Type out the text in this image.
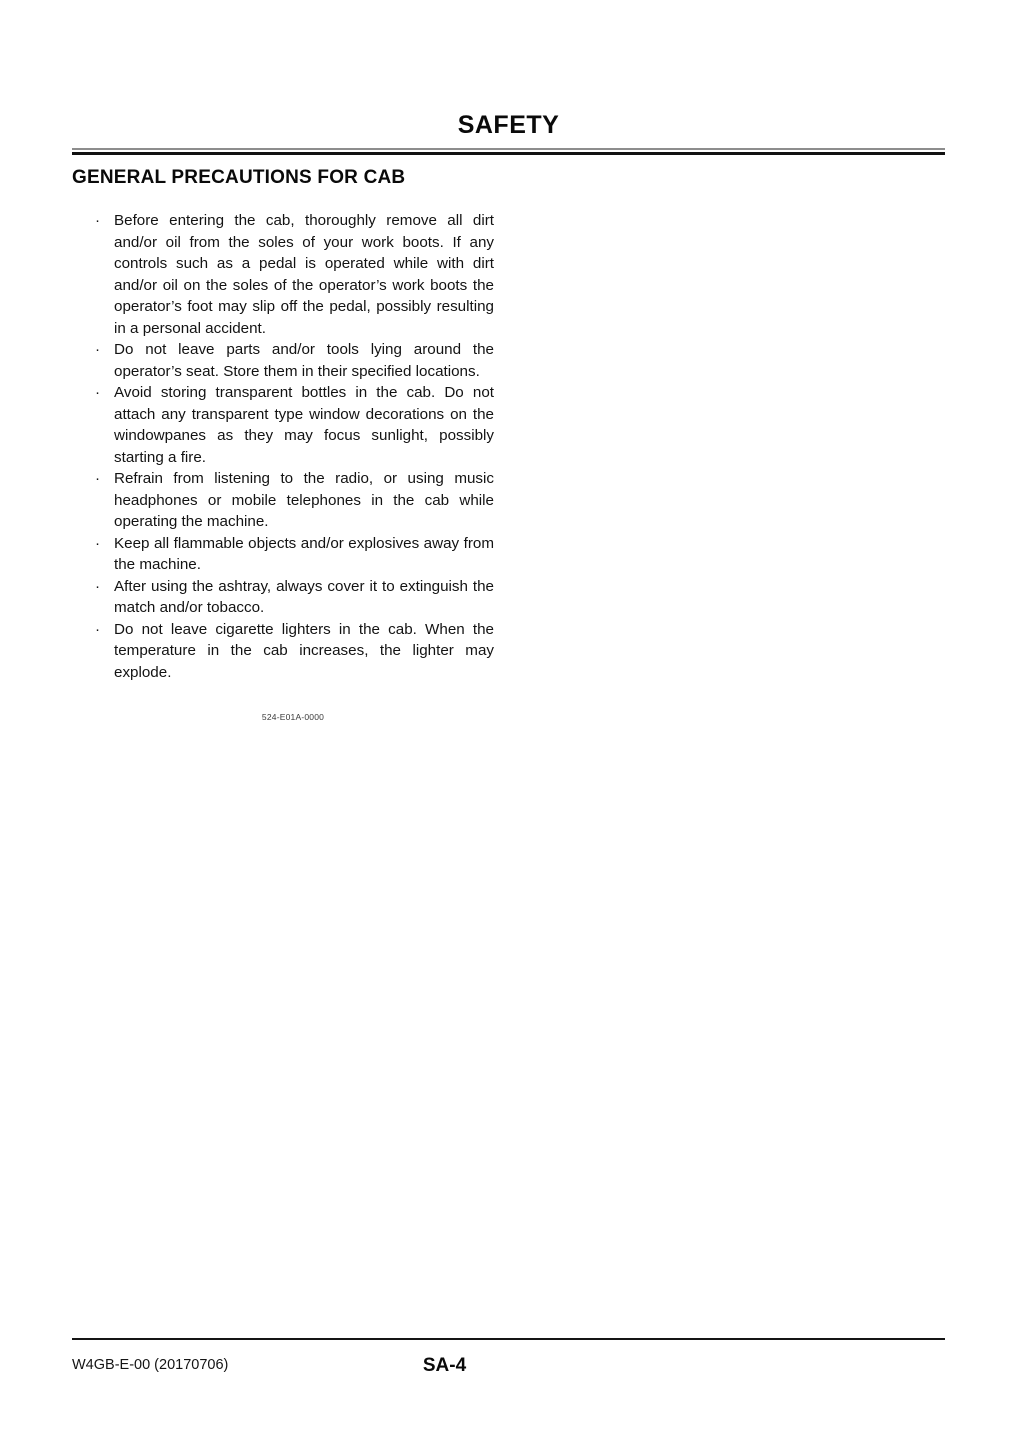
SAFETY
GENERAL PRECAUTIONS FOR CAB
· Before entering the cab, thoroughly remove all dirt and/or oil from the soles of your work boots. If any controls such as a pedal is operated while with dirt and/or oil on the soles of the operator’s work boots the operator’s foot may slip off the pedal, possibly resulting in a personal accident.
· Do not leave parts and/or tools lying around the operator’s seat. Store them in their specified locations.
· Avoid storing transparent bottles in the cab. Do not attach any transparent type window decorations on the windowpanes as they may focus sunlight, possibly starting a fire.
· Refrain from listening to the radio, or using music headphones or mobile telephones in the cab while operating the machine.
· Keep all flammable objects and/or explosives away from the machine.
· After using the ashtray, always cover it to extinguish the match and/or tobacco.
· Do not leave cigarette lighters in the cab. When the temperature in the cab increases, the lighter may explode.
524-E01A-0000
W4GB-E-00 (20170706)	SA-4
